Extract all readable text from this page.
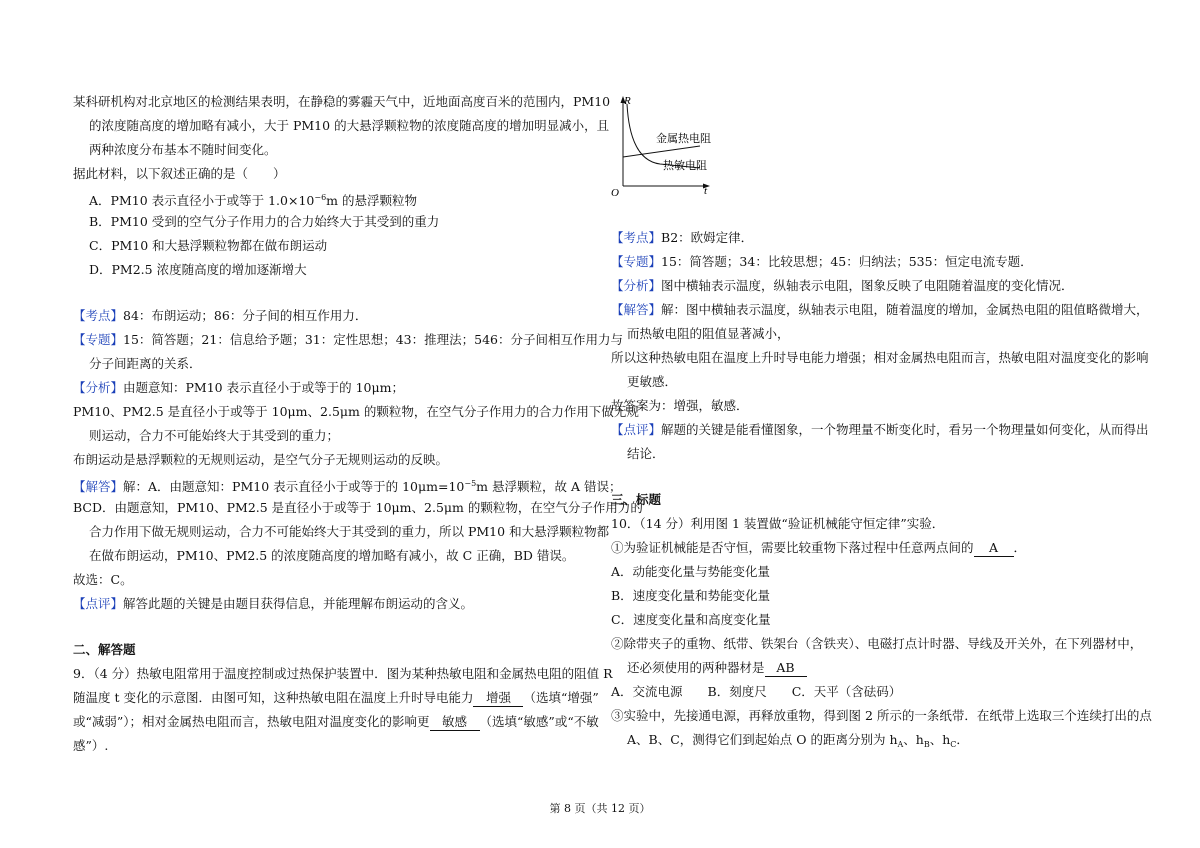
某科研机构对北京地区的检测结果表明，在静稳的雾霾天气中，近地面高度百米的范围内，PM10
的浓度随高度的增加略有减小，大于 PM10 的大悬浮颗粒物的浓度随高度的增加明显减小，且
两种浓度分布基本不随时间变化。
据此材料，以下叙述正确的是（　　）
A．PM10 表示直径小于或等于 $1.0\times 10^{-6}m$ 的悬浮颗粒物
B．PM10 受到的空气分子作用力的合力始终大于其受到的重力
C．PM10 和大悬浮颗粒物都在做布朗运动
D．PM2.5 浓度随高度的增加逐渐增大
【考点】84：布朗运动；86：分子间的相互作用力．
【专题】15：简答题；21：信息给予题；31：定性思想；43：推理法；546：分子间相互作用力与
分子间距离的关系．
【分析】由题意知：PM10 表示直径小于或等于的 10μm；
PM10、PM2.5 是直径小于或等于 10μm、2.5μm 的颗粒物，在空气分子作用力的合力作用下做无规
则运动，合力不可能始终大于其受到的重力；
布朗运动是悬浮颗粒的无规则运动，是空气分子无规则运动的反映。
【解答】解：A．由题意知：PM10 表示直径小于或等于的 $10\mu m=10^{-5}m$ 悬浮颗粒，故 A 错误；
BCD．由题意知，PM10、PM2.5 是直径小于或等于 10μm、2.5μm 的颗粒物，在空气分子作用力的
合力作用下做无规则运动，合力不可能始终大于其受到的重力，所以 PM10 和大悬浮颗粒物都
在做布朗运动，PM10、PM2.5 的浓度随高度的增加略有减小，故 C 正确，BD 错误。
故选：C。
【点评】解答此题的关键是由题目获得信息，并能理解布朗运动的含义。
二、解答题
9．（4 分）热敏电阻常用于温度控制或过热保护装置中．图为某种热敏电阻和金属热电阻的阻值 R
随温度 t 变化的示意图．由图可知，这种热敏电阻在温度上升时导电能力 增强 （选填“增强”
或“减弱”）；相对金属热电阻而言，热敏电阻对温度变化的影响更 敏感 （选填“敏感”或“不敏
感”）.
R
t
O
金属热电阻
热敏电阻
【考点】B2：欧姆定律．
【专题】15：简答题；34：比较思想；45：归纳法；535：恒定电流专题．
【分析】图中横轴表示温度，纵轴表示电阻，图象反映了电阻随着温度的变化情况．
【解答】解：图中横轴表示温度，纵轴表示电阻，随着温度的增加，金属热电阻的阻值略微增大，
而热敏电阻的阻值显著减小，
所以这种热敏电阻在温度上升时导电能力增强；相对金属热电阻而言，热敏电阻对温度变化的影响
更敏感．
故答案为：增强，敏感．
【点评】解题的关键是能看懂图象，一个物理量不断变化时，看另一个物理量如何变化，从而得出
结论．
三、标题
10．（14 分）利用图 1 装置做“验证机械能守恒定律”实验．
①为验证机械能是否守恒，需要比较重物下落过程中任意两点间的 A ．
A．动能变化量与势能变化量
B．速度变化量和势能变化量
C．速度变化量和高度变化量
②除带夹子的重物、纸带、铁架台（含铁夹）、电磁打点计时器、导线及开关外，在下列器材中，
还必须使用的两种器材是 AB
A．交流电源　　B．刻度尺　　C．天平（含砝码）
③实验中，先接通电源，再释放重物，得到图 2 所示的一条纸带．在纸带上选取三个连续打出的点
A、B、C，测得它们到起始点 O 的距离分别为 $h_A$、$h_B$、$h_C$．
第 8 页（共 12 页）
